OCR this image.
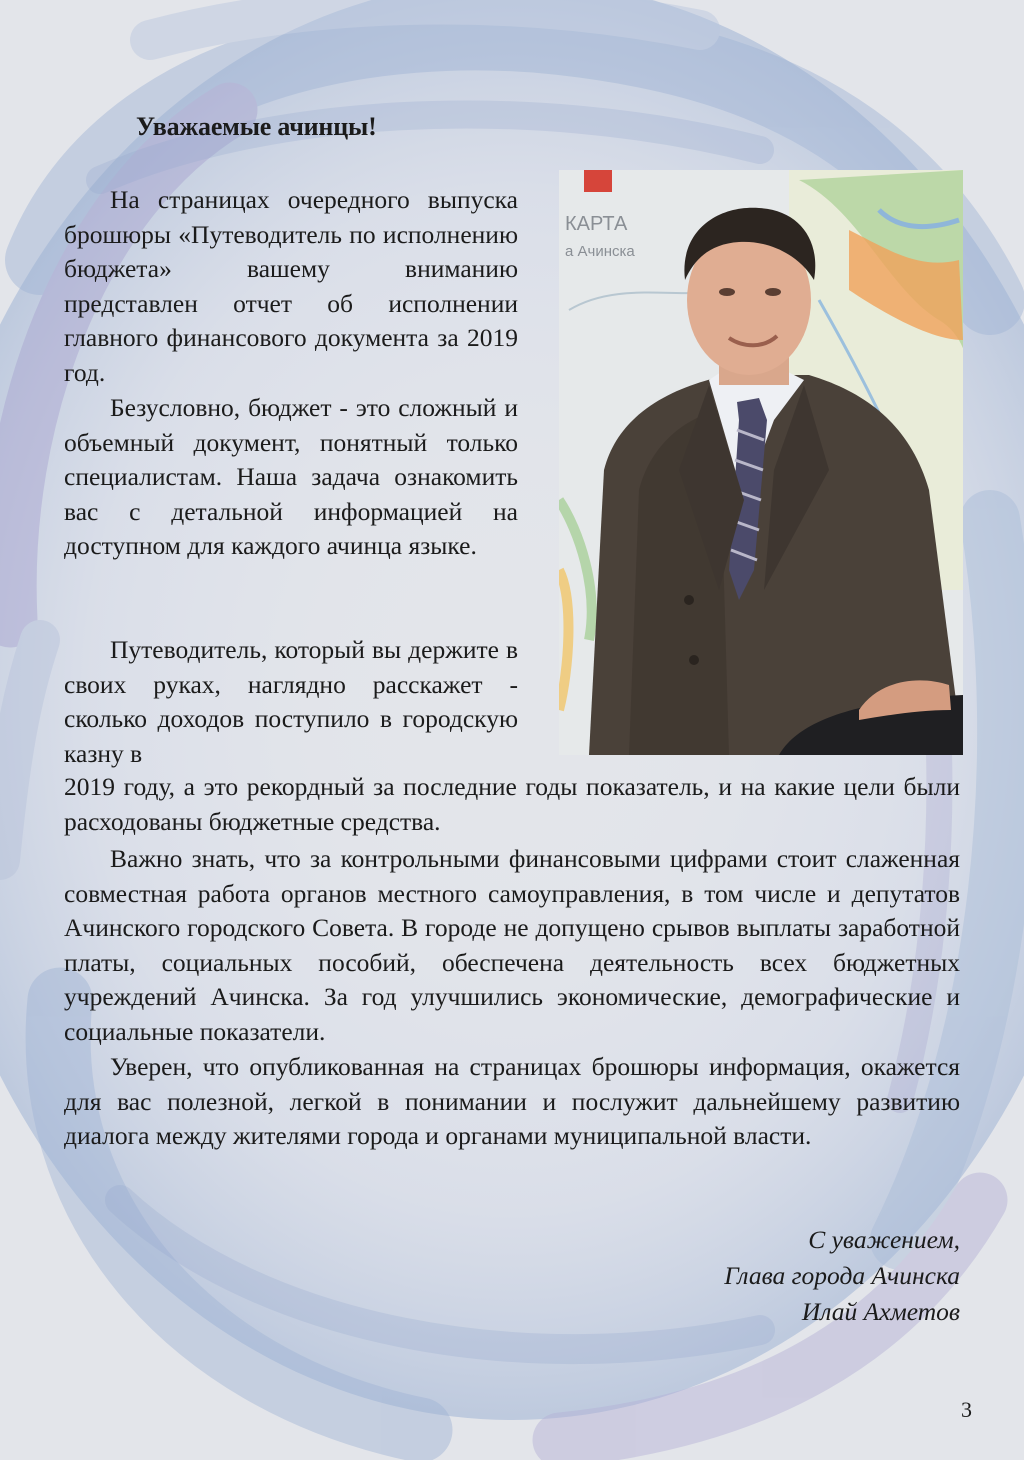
Уважаемые ачинцы!
КАРТА
а Ачинска

На страницах очередного выпуска брошюры «Путеводитель по исполнению бюджета» вашему вниманию представлен отчет об исполнении главного финансового документа за 2019 год.

Безусловно, бюджет - это сложный и объемный документ, понятный только специалистам. Наша задача ознакомить вас с детальной информацией на доступном для каждого ачинца языке.

Путеводитель, который вы держите в своих руках, наглядно расскажет - сколько доходов поступило в городскую казну в

2019 году, а это рекордный за последние годы показатель, и на какие цели были расходованы бюджетные средства.

Важно знать, что за контрольными финансовыми цифрами стоит слаженная совместная работа органов местного самоуправления, в том числе и депутатов Ачинского городского Совета. В городе не допущено срывов выплаты заработной платы, социальных пособий, обеспечена деятельность всех бюджетных учреждений Ачинска. За год улучшились экономические, демографические и социальные показатели.

Уверен, что опубликованная на страницах брошюры информация, окажется для вас полезной, легкой в понимании и послужит дальнейшему развитию диалога между жителями города и органами муниципальной власти.

С уважением,
Глава города Ачинска
Илай Ахметов
3
